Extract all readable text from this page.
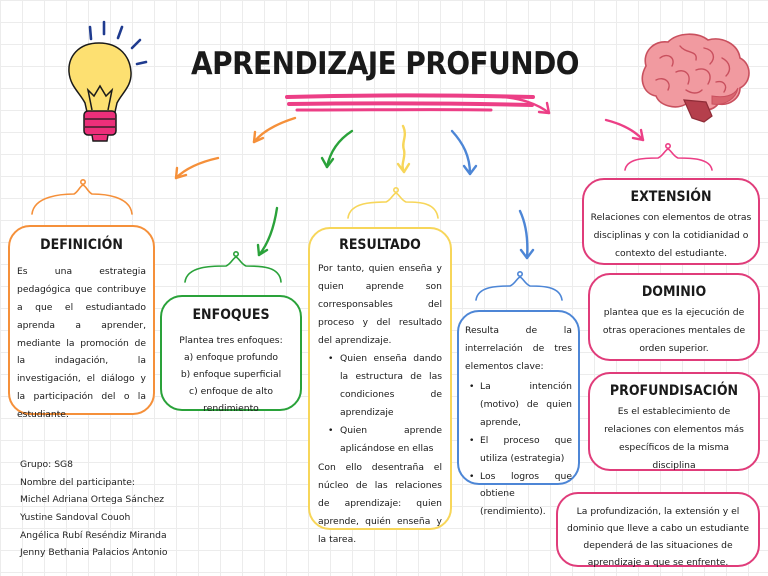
APRENDIZAJE PROFUNDO
DEFINICIÓN

Es una estrategia pedagógica que contribuye a que el estudiantado aprenda a aprender, mediante la promoción de la indagación, la investigación, el diálogo y la participación del o la estudiante.

ENFOQUES

Plantea tres enfoques:

a) enfoque profundo

b) enfoque superficial

c) enfoque de alto rendimiento

RESULTADO

Por tanto, quien enseña y quien aprende son corresponsables del proceso y del resultado del aprendizaje.

• Quien enseña dando la estructura de las condiciones de aprendizaje
• Quien aprende aplicándose en ellas

Con ello desentraña el núcleo de las relaciones de aprendizaje: quien aprende, quién enseña y la tarea.

Resulta de la interrelación de tres elementos clave:

• La intención (motivo) de quien aprende,
• El proceso que utiliza (estrategia)
• Los logros que obtiene (rendimiento).
EXTENSIÓN

Relaciones con elementos de otras disciplinas y con la cotidianidad o contexto del estudiante.

DOMINIO

plantea que es la ejecución de otras operaciones mentales de orden superior.

PROFUNDISACIÓN

Es el establecimiento de relaciones con elementos más específicos de la misma disciplina

La profundización, la extensión y el dominio que lleve a cabo un estudiante dependerá de las situaciones de aprendizaje a que se enfrente.

Grupo: SG8

Nombre del participante:

Michel Adriana Ortega Sánchez

Yustine Sandoval Couoh

Angélica Rubí Reséndiz Miranda

Jenny Bethania Palacios Antonio
